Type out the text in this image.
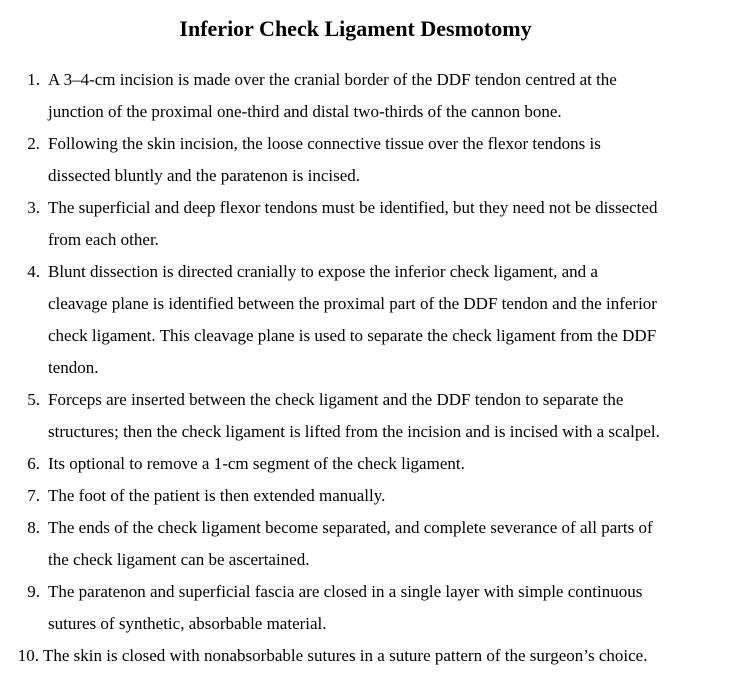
Inferior Check Ligament Desmotomy
1. A 3–4-cm incision is made over the cranial border of the DDF tendon centred at the
junction of the proximal one-third and distal two-thirds of the cannon bone.
2. Following the skin incision, the loose connective tissue over the flexor tendons is
dissected bluntly and the paratenon is incised.
3. The superficial and deep flexor tendons must be identified, but they need not be dissected
from each other.
4. Blunt dissection is directed cranially to expose the inferior check ligament, and a
cleavage plane is identified between the proximal part of the DDF tendon and the inferior
check ligament. This cleavage plane is used to separate the check ligament from the DDF
tendon.
5. Forceps are inserted between the check ligament and the DDF tendon to separate the
structures; then the check ligament is lifted from the incision and is incised with a scalpel.
6. Its optional to remove a 1-cm segment of the check ligament.
7. The foot of the patient is then extended manually.
8. The ends of the check ligament become separated, and complete severance of all parts of
the check ligament can be ascertained.
9. The paratenon and superficial fascia are closed in a single layer with simple continuous
sutures of synthetic, absorbable material.
10. The skin is closed with nonabsorbable sutures in a suture pattern of the surgeon’s choice.
